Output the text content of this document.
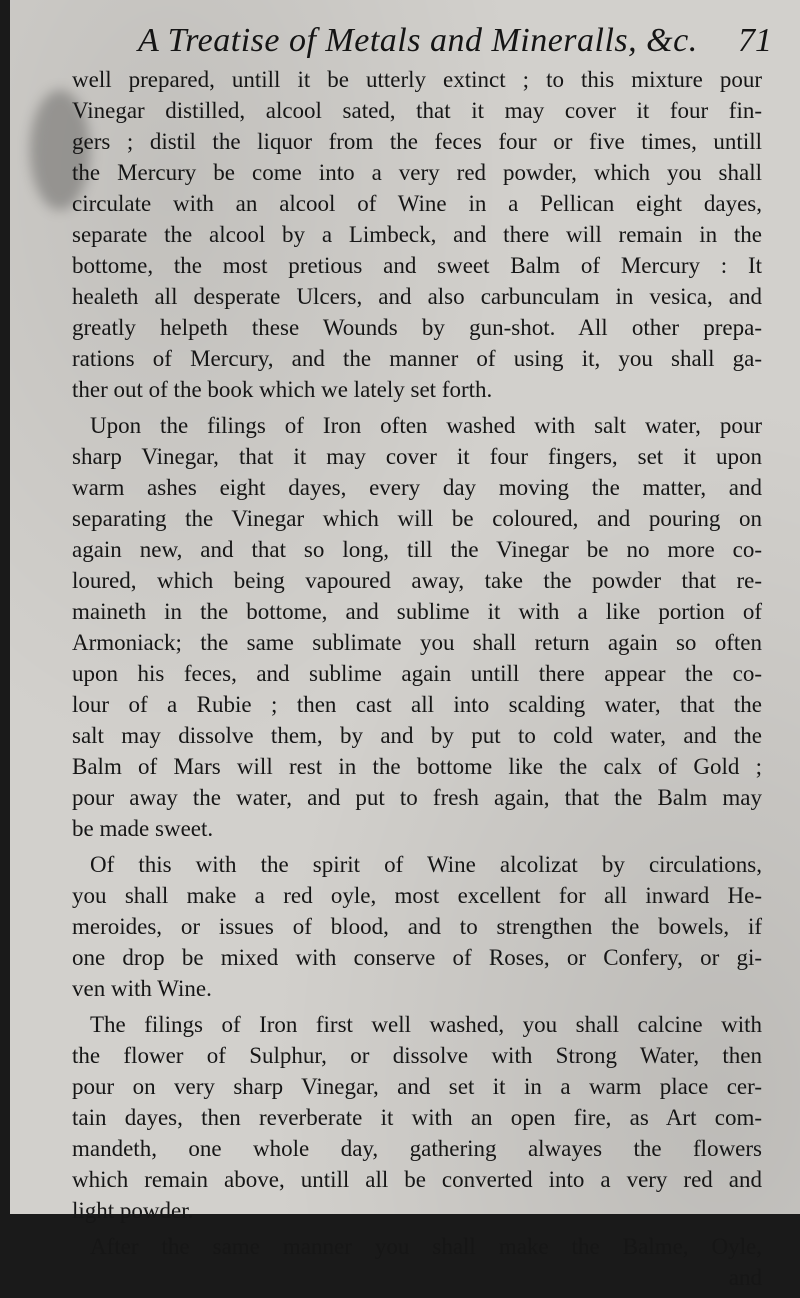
A Treatise of Metals and Mineralls, &c. 71
well prepared, untill it be utterly extinct ; to this mixture pour
Vinegar distilled, alcool sated, that it may cover it four fin-
gers ; distil the liquor from the feces four or five times, untill
the Mercury be come into a very red powder, which you shall
circulate with an alcool of Wine in a Pellican eight dayes,
separate the alcool by a Limbeck, and there will remain in the
bottome, the most pretious and sweet Balm of Mercury : It
healeth all desperate Ulcers, and also carbunculam in vesica, and
greatly helpeth these Wounds by gun-shot. All other prepa-
rations of Mercury, and the manner of using it, you shall ga-
ther out of the book which we lately set forth.
Upon the filings of Iron often washed with salt water, pour
sharp Vinegar, that it may cover it four fingers, set it upon
warm ashes eight dayes, every day moving the matter, and
separating the Vinegar which will be coloured, and pouring on
again new, and that so long, till the Vinegar be no more co-
loured, which being vapoured away, take the powder that re-
maineth in the bottome, and sublime it with a like portion of
Armoniack; the same sublimate you shall return again so often
upon his feces, and sublime again untill there appear the co-
lour of a Rubie ; then cast all into scalding water, that the
salt may dissolve them, by and by put to cold water, and the
Balm of Mars will rest in the bottome like the calx of Gold ;
pour away the water, and put to fresh again, that the Balm may
be made sweet.
Of this with the spirit of Wine alcolizat by circulations,
you shall make a red oyle, most excellent for all inward He-
meroides, or issues of blood, and to strengthen the bowels, if
one drop be mixed with conserve of Roses, or Confery, or gi-
ven with Wine.
The filings of Iron first well washed, you shall calcine with
the flower of Sulphur, or dissolve with Strong Water, then
pour on very sharp Vinegar, and set it in a warm place cer-
tain dayes, then reverberate it with an open fire, as Art com-
mandeth, one whole day, gathering alwayes the flowers
which remain above, untill all be converted into a very red and
light powder.
After the same manner you shall make the Balme, Oyle,
and
